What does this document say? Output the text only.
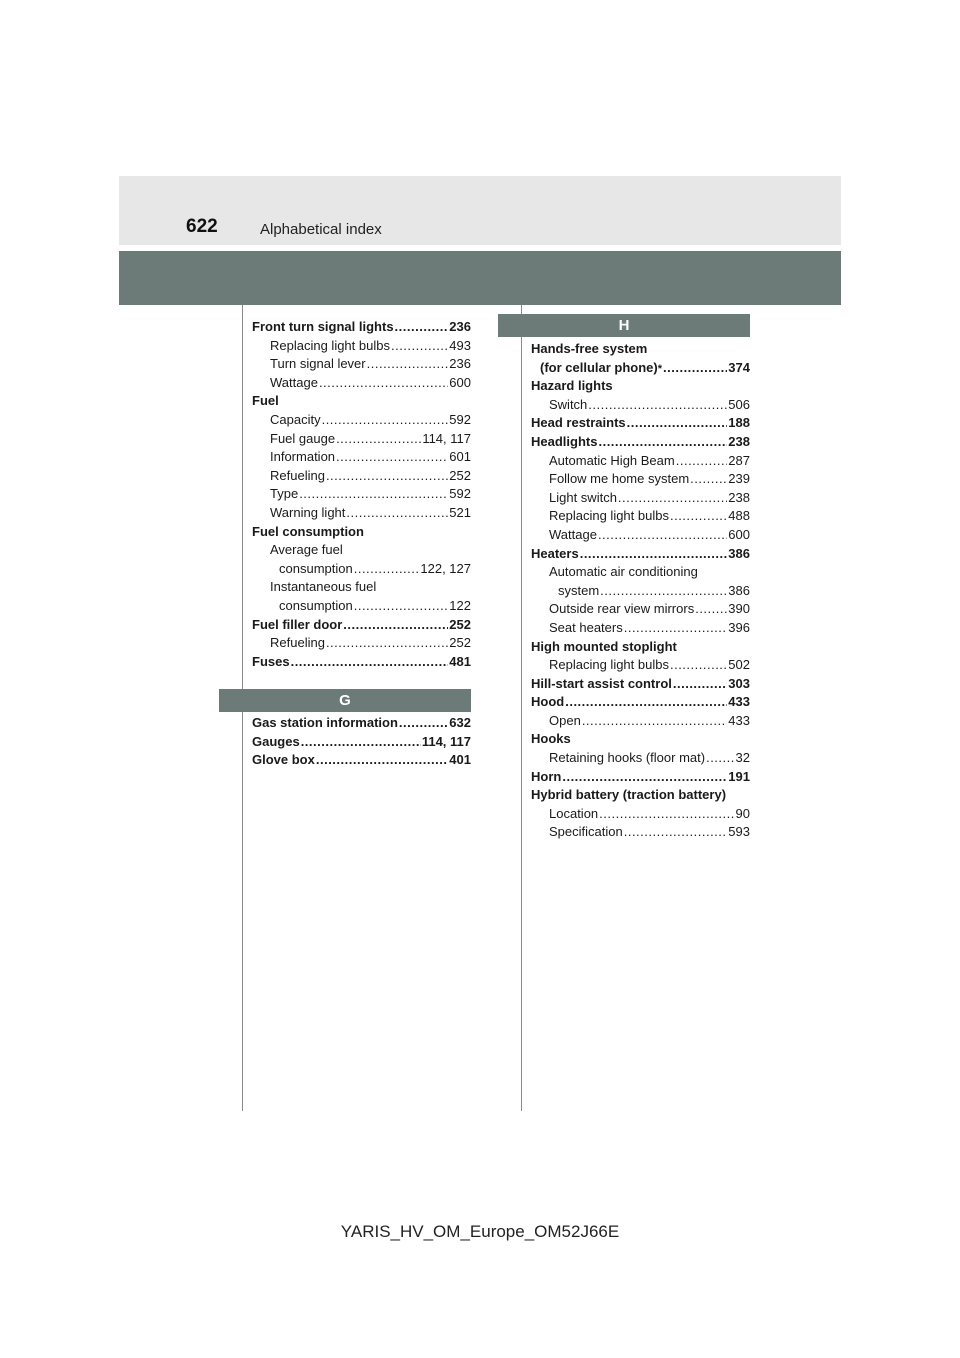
622	Alphabetical index
Front turn signal lights .....	236
Replacing light bulbs .....	493
Turn signal lever .....	236
Wattage .....	600
Fuel
Capacity .....	592
Fuel gauge .....	114, 117
Information .....	601
Refueling .....	252
Type .....	592
Warning light .....	521
Fuel consumption
Average fuel
consumption .....	122, 127
Instantaneous fuel
consumption .....	122
Fuel filler door .....	252
Refueling .....	252
Fuses .....	481
G
Gas station information .....	632
Gauges .....	114, 117
Glove box .....	401
H
Hands-free system
(for cellular phone) * .....	374
Hazard lights
Switch .....	506
Head restraints .....	188
Headlights .....	238
Automatic High Beam .....	287
Follow me home system .....	239
Light switch .....	238
Replacing light bulbs .....	488
Wattage .....	600
Heaters .....	386
Automatic air conditioning
system .....	386
Outside rear view mirrors .....	390
Seat heaters .....	396
High mounted stoplight
Replacing light bulbs .....	502
Hill-start assist control .....	303
Hood .....	433
Open .....	433
Hooks
Retaining hooks (floor mat) ..... 32
Horn .....	191
Hybrid battery (traction battery)
Location .....	90
Specification .....	593
YARIS_HV_OM_Europe_OM52J66E
